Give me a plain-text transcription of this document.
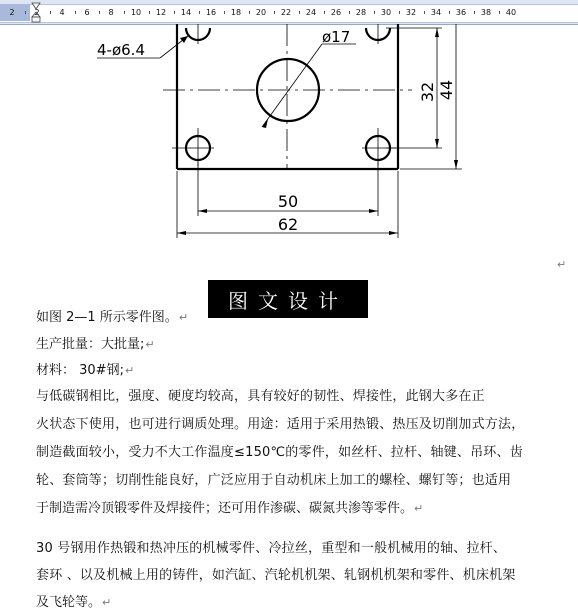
2	2	4	6	8	10	12	14	16	18	20	22	24	26	28	30	32	34	36	38	40
4-ø6.4
ø17
50
62
32 44
↵
图文设计
如图 2—1 所示零件图。↵
生产批量：大批量;↵
材料： 30#钢;↵
与低碳钢相比，强度、硬度均较高，具有较好的韧性、焊接性，此钢大多在正
火状态下使用，也可进行调质处理。用途：适用于采用热锻、热压及切削加式方法，
制造截面较小，受力不大工作温度≤150℃的零件，如丝杆、拉杆、轴键、吊环、齿
轮、套筒等；切削性能良好，广泛应用于自动机床上加工的螺栓、螺钉等；也适用
于制造需冷顶锻零件及焊接件；还可用作渗碳、碳氮共渗等零件。↵
30 号钢用作热锻和热冲压的机械零件、冷拉丝，重型和一般机械用的轴、拉杆、
套环 、以及机械上用的铸件，如汽缸、汽轮机机架、轧钢机机架和零件、机床机架
及飞轮等。↵
